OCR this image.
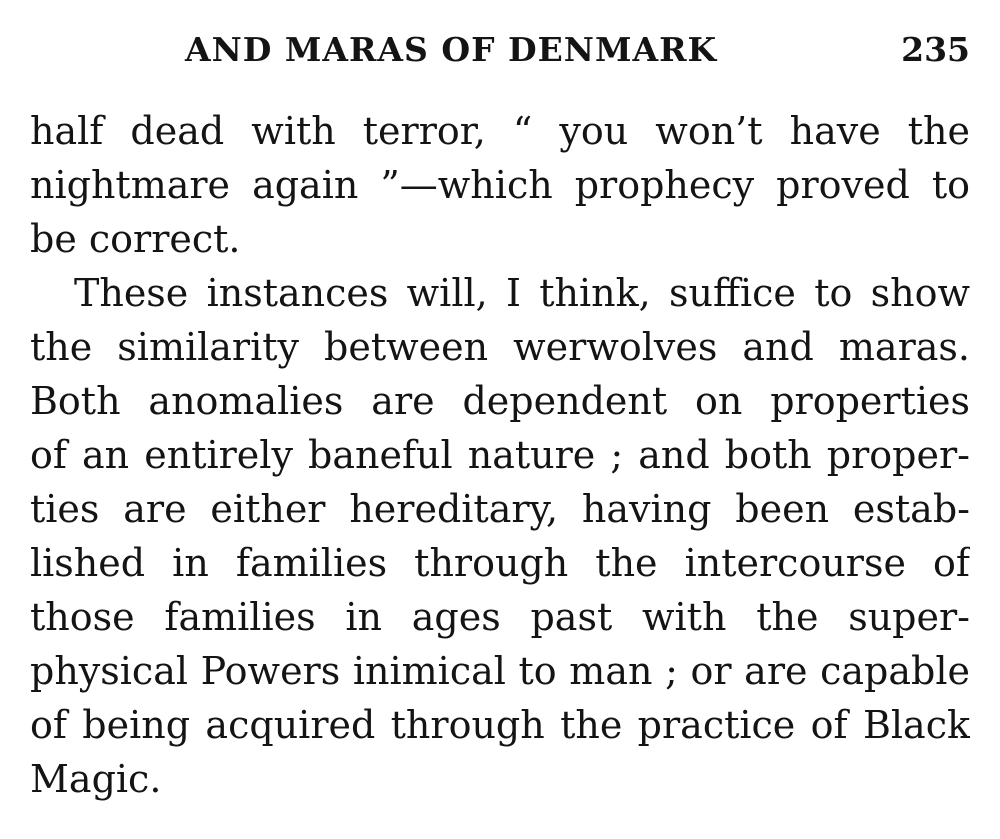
AND MARAS OF DENMARK	235
half dead with terror, “ you won’t have the
nightmare again ”—which prophecy proved to
be correct.
These instances will, I think, suffice to show
the similarity between werwolves and maras.
Both anomalies are dependent on properties
of an entirely baneful nature ; and both proper-
ties are either hereditary, having been estab-
lished in families through the intercourse of
those families in ages past with the super-
physical Powers inimical to man ; or are capable
of being acquired through the practice of Black
Magic.
